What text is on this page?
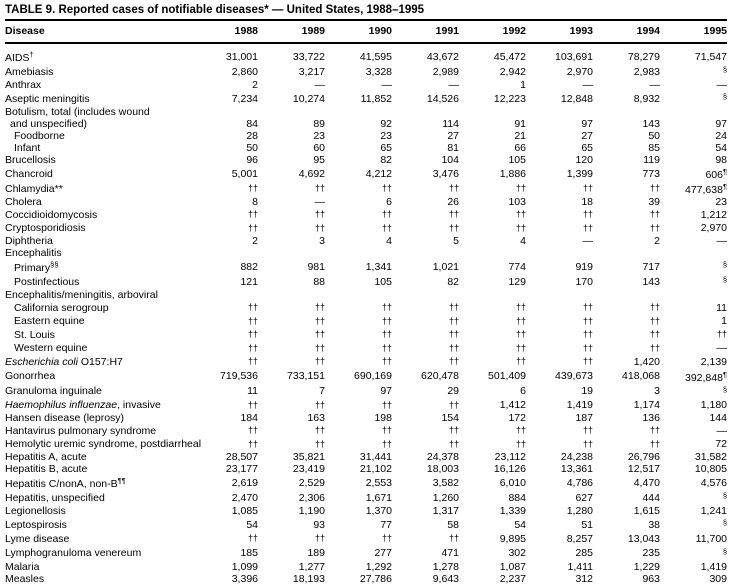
TABLE 9. Reported cases of notifiable diseases* — United States, 1988–1995
Disease	1988	1989	1990	1991	1992	1993	1994	1995
AIDS†	31,001	33,722	41,595	43,672	45,472	103,691	78,279	71,547
Amebiasis	2,860	3,217	3,328	2,989	2,942	2,970	2,983	§
Anthrax	2	—	—	—	1	—	—	—
Aseptic meningitis	7,234	10,274	11,852	14,526	12,223	12,848	8,932	§
Botulism, total (includes wound								
and unspecified)	84	89	92	114	91	97	143	97
Foodborne	28	23	23	27	21	27	50	24
Infant	50	60	65	81	66	65	85	54
Brucellosis	96	95	82	104	105	120	119	98
Chancroid	5,001	4,692	4,212	3,476	1,886	1,399	773	606¶
Chlamydia**	††	††	††	††	††	††	††	477,638¶
Cholera	8	—	6	26	103	18	39	23
Coccidioidomycosis	††	††	††	††	††	††	††	1,212
Cryptosporidiosis	††	††	††	††	††	††	††	2,970
Diphtheria	2	3	4	5	4	—	2	—
Encephalitis								
Primary§§	882	981	1,341	1,021	774	919	717	§
Postinfectious	121	88	105	82	129	170	143	§
Encephalitis/meningitis, arboviral								
California serogroup	††	††	††	††	††	††	††	11
Eastern equine	††	††	††	††	††	††	††	1
St. Louis	††	††	††	††	††	††	††	††
Western equine	††	††	††	††	††	††	††	—
Escherichia coli O157:H7	††	††	††	††	††	††	1,420	2,139
Gonorrhea	719,536	733,151	690,169	620,478	501,409	439,673	418,068	392,848¶
Granuloma inguinale	11	7	97	29	6	19	3	§
Haemophilus influenzae, invasive	††	††	††	††	1,412	1,419	1,174	1,180
Hansen disease (leprosy)	184	163	198	154	172	187	136	144
Hantavirus pulmonary syndrome	††	††	††	††	††	††	††	—
Hemolytic uremic syndrome, postdiarrheal	††	††	††	††	††	††	††	72
Hepatitis A, acute	28,507	35,821	31,441	24,378	23,112	24,238	26,796	31,582
Hepatitis B, acute	23,177	23,419	21,102	18,003	16,126	13,361	12,517	10,805
Hepatitis C/nonA, non-B¶¶	2,619	2,529	2,553	3,582	6,010	4,786	4,470	4,576
Hepatitis, unspecified	2,470	2,306	1,671	1,260	884	627	444	§
Legionellosis	1,085	1,190	1,370	1,317	1,339	1,280	1,615	1,241
Leptospirosis	54	93	77	58	54	51	38	§
Lyme disease	††	††	††	††	9,895	8,257	13,043	11,700
Lymphogranuloma venereum	185	189	277	471	302	285	235	§
Malaria	1,099	1,277	1,292	1,278	1,087	1,411	1,229	1,419
Measles	3,396	18,193	27,786	9,643	2,237	312	963	309
